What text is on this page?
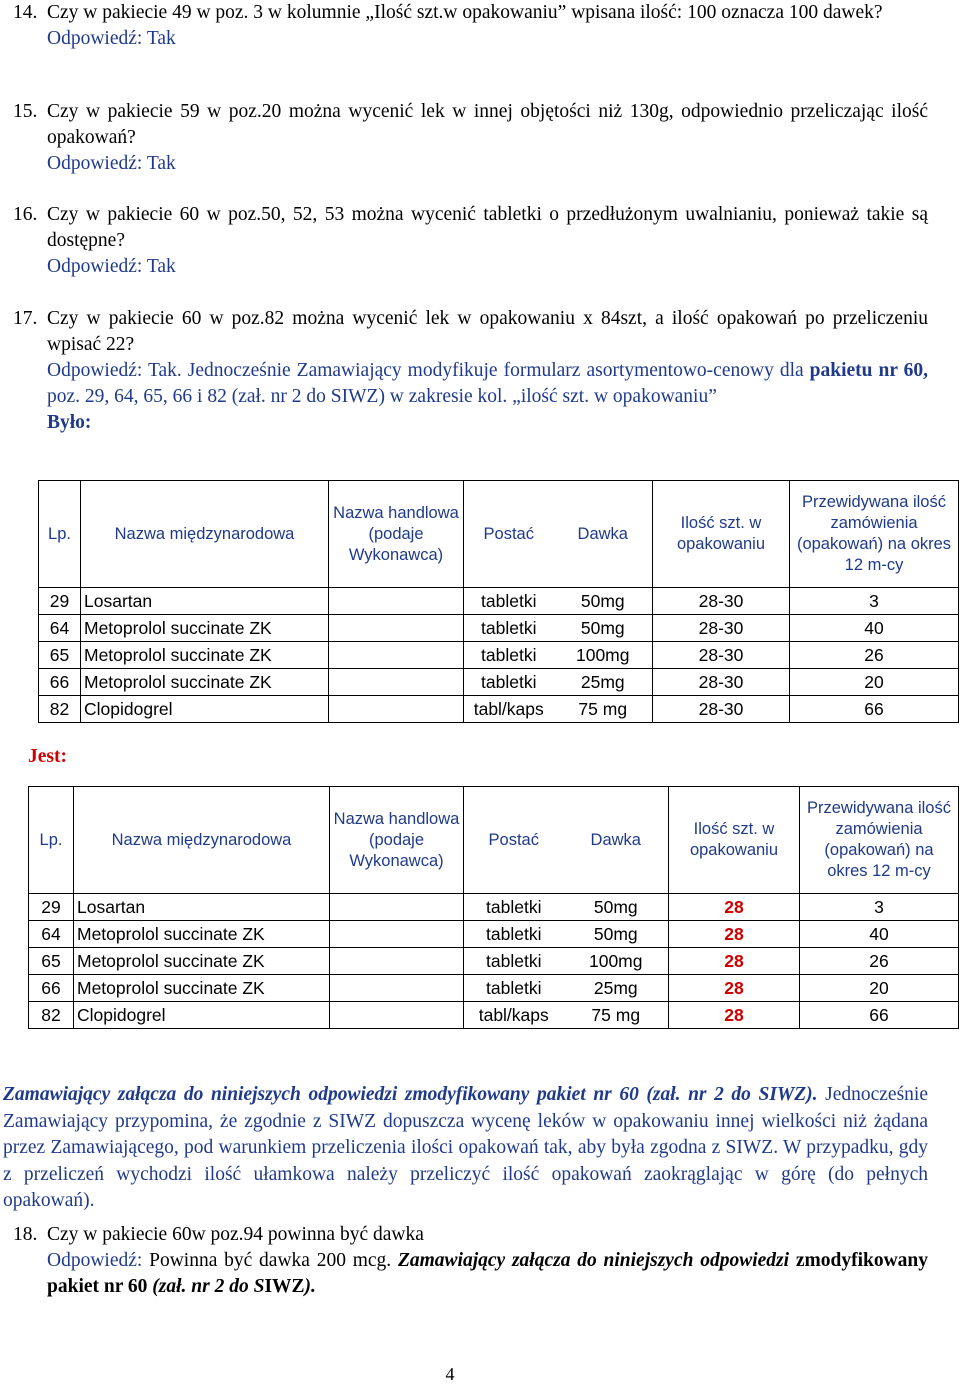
14. Czy w pakiecie 49 w poz. 3 w kolumnie „Ilość szt.w opakowaniu” wpisana ilość: 100 oznacza 100 dawek?
Odpowiedź: Tak
15. Czy w pakiecie 59 w poz.20 można wycenić lek w innej objętości niż 130g, odpowiednio przeliczając ilość opakowań?
Odpowiedź: Tak
16. Czy w pakiecie 60 w poz.50, 52, 53 można wycenić tabletki o przedłużonym uwalnianiu, ponieważ takie są dostępne?
Odpowiedź: Tak
17. Czy w pakiecie 60 w poz.82 można wycenić lek w opakowaniu x 84szt, a ilość opakowań po przeliczeniu wpisać 22?
Odpowiedź: Tak. Jednocześnie Zamawiający modyfikuje formularz asortymentowo-cenowy dla pakietu nr 60, poz. 29, 64, 65, 66 i 82 (zał. nr 2 do SIWZ) w zakresie kol. „ilość szt. w opakowaniu”
Było:
Lp.	Nazwa międzynarodowa	Nazwa handlowa (podaje Wykonawca)	Postać	Dawka	Ilość szt. w opakowaniu	Przewidywana ilość zamówienia (opakowań) na okres 12 m-cy
29	Losartan		tabletki	50mg	28-30	3
64	Metoprolol succinate ZK		tabletki	50mg	28-30	40
65	Metoprolol succinate ZK		tabletki	100mg	28-30	26
66	Metoprolol succinate ZK		tabletki	25mg	28-30	20
82	Clopidogrel		tabl/kaps	75 mg	28-30	66
Jest:
Lp.	Nazwa międzynarodowa	Nazwa handlowa (podaje Wykonawca)	Postać	Dawka	Ilość szt. w opakowaniu	Przewidywana ilość zamówienia (opakowań) na okres 12 m-cy
29	Losartan		tabletki	50mg	28	3
64	Metoprolol succinate ZK		tabletki	50mg	28	40
65	Metoprolol succinate ZK		tabletki	100mg	28	26
66	Metoprolol succinate ZK		tabletki	25mg	28	20
82	Clopidogrel		tabl/kaps	75 mg	28	66
Zamawiający załącza do niniejszych odpowiedzi zmodyfikowany pakiet nr 60 (zał. nr 2 do SIWZ). Jednocześnie Zamawiający przypomina, że zgodnie z SIWZ dopuszcza wycenę leków w opakowaniu innej wielkości niż żądana przez Zamawiającego, pod warunkiem przeliczenia ilości opakowań tak, aby była zgodna z SIWZ. W przypadku, gdy z przeliczeń wychodzi ilość ułamkowa należy przeliczyć ilość opakowań zaokrąglając w górę (do pełnych opakowań).
18. Czy w pakiecie 60w poz.94 powinna być dawka
Odpowiedź: Powinna być dawka 200 mcg. Zamawiający załącza do niniejszych odpowiedzi zmodyfikowany pakiet nr 60 (zał. nr 2 do SIWZ).
4
